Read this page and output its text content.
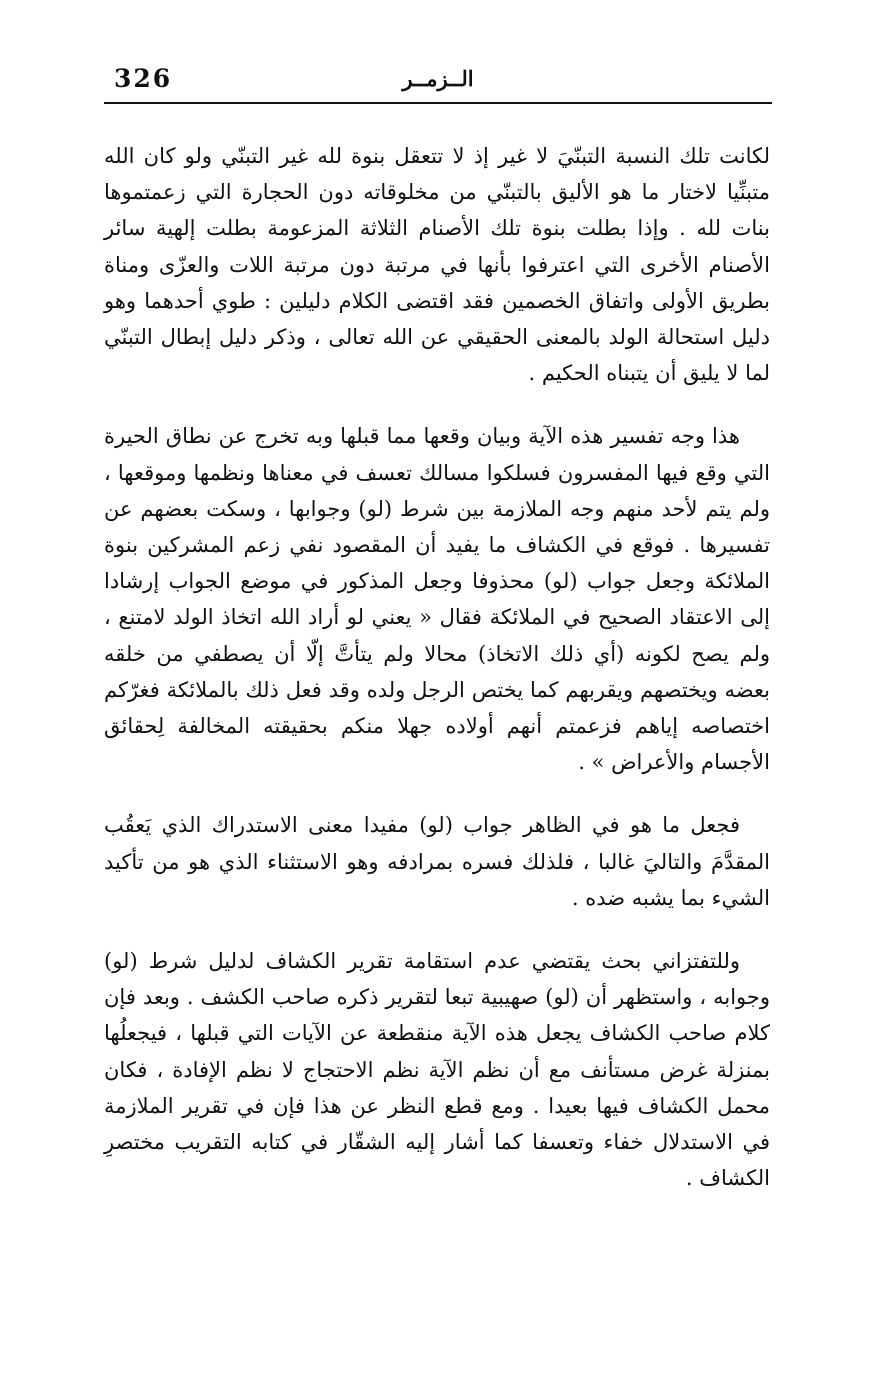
326	الــزمــر

لكانت تلك النسبة التبنّيَ لا غير إذ لا تتعقل بنوة لله غير التبنّي ولو كان الله متبنِّيا لاختار ما هو الأليق بالتبنّي من مخلوقاته دون الحجارة التي زعمتموها بنات لله . وإذا بطلت بنوة تلك الأصنام الثلاثة المزعومة بطلت إلهية سائر الأصنام الأخرى التي اعترفوا بأنها في مرتبة دون مرتبة اللات والعزّى ومناة بطريق الأولى واتفاق الخصمين فقد اقتضى الكلام دليلين : طوي أحدهما وهو دليل استحالة الولد بالمعنى الحقيقي عن الله تعالى ، وذكر دليل إبطال التبنّي لما لا يليق أن يتبناه الحكيم .

هذا وجه تفسير هذه الآية وبيان وقعها مما قبلها وبه تخرج عن نطاق الحيرة التي وقع فيها المفسرون فسلكوا مسالك تعسف في معناها ونظمها وموقعها ، ولم يتم لأحد منهم وجه الملازمة بين شرط (لو) وجوابها ، وسكت بعضهم عن تفسيرها . فوقع في الكشاف ما يفيد أن المقصود نفي زعم المشركين بنوة الملائكة وجعل جواب (لو) محذوفا وجعل المذكور في موضع الجواب إرشادا إلى الاعتقاد الصحيح في الملائكة فقال « يعني لو أراد الله اتخاذ الولد لامتنع ، ولم يصح لكونه (أي ذلك الاتخاذ) محالا ولم يتأتَّ إلّا أن يصطفي من خلقه بعضه ويختصهم ويقربهم كما يختص الرجل ولده وقد فعل ذلك بالملائكة فغرّكم اختصاصه إياهم فزعمتم أنهم أولاده جهلا منكم بحقيقته المخالفة لِحقائق الأجسام والأعراض » .

فجعل ما هو في الظاهر جواب (لو) مفيدا معنى الاستدراك الذي يَعقُب المقدَّمَ والتاليَ غالبا ، فلذلك فسره بمرادفه وهو الاستثناء الذي هو من تأكيد الشيء بما يشبه ضده .

وللتفتزاني بحث يقتضي عدم استقامة تقرير الكشاف لدليل شرط (لو) وجوابه ، واستظهر أن (لو) صهيبية تبعا لتقرير ذكره صاحب الكشف . وبعد فإن كلام صاحب الكشاف يجعل هذه الآية منقطعة عن الآيات التي قبلها ، فيجعلُها بمنزلة غرض مستأنف مع أن نظم الآية نظم الاحتجاج لا نظم الإفادة ، فكان محمل الكشاف فيها بعيدا . ومع قطع النظر عن هذا فإن في تقرير الملازمة في الاستدلال خفاء وتعسفا كما أشار إليه الشقّار في كتابه التقريب مختصرِ الكشاف .
